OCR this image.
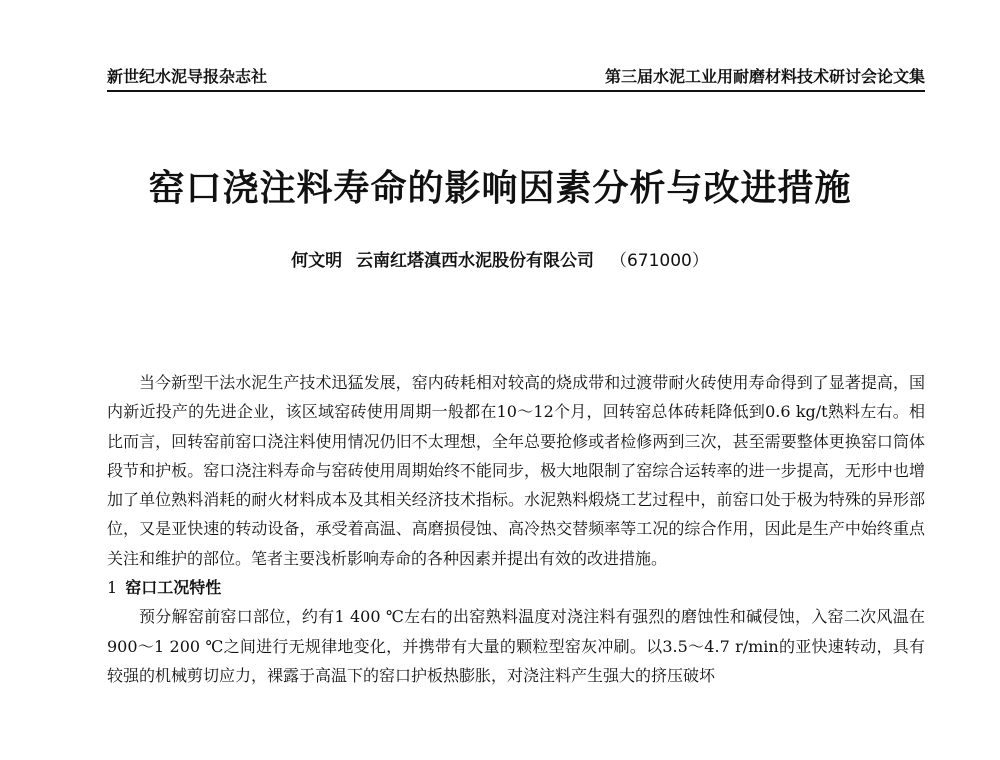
新世纪水泥导报杂志社	第三届水泥工业用耐磨材料技术研讨会论文集
窑口浇注料寿命的影响因素分析与改进措施
何文明 云南红塔滇西水泥股份有限公司 （671000）

当今新型干法水泥生产技术迅猛发展，窑内砖耗相对较高的烧成带和过渡带耐火砖使用寿命得到了显著提高，国内新近投产的先进企业，该区域窑砖使用周期一般都在10～12个月，回转窑总体砖耗降低到0.6 kg/t熟料左右。相比而言，回转窑前窑口浇注料使用情况仍旧不太理想，全年总要抢修或者检修两到三次，甚至需要整体更换窑口筒体段节和护板。窑口浇注料寿命与窑砖使用周期始终不能同步，极大地限制了窑综合运转率的进一步提高，无形中也增加了单位熟料消耗的耐火材料成本及其相关经济技术指标。水泥熟料煅烧工艺过程中，前窑口处于极为特殊的异形部位，又是亚快速的转动设备，承受着高温、高磨损侵蚀、高冷热交替频率等工况的综合作用，因此是生产中始终重点关注和维护的部位。笔者主要浅析影响寿命的各种因素并提出有效的改进措施。

1 窑口工况特性

预分解窑前窑口部位，约有1 400 ℃左右的出窑熟料温度对浇注料有强烈的磨蚀性和碱侵蚀，入窑二次风温在900～1 200 ℃之间进行无规律地变化，并携带有大量的颗粒型窑灰冲刷。以3.5～4.7 r/min的亚快速转动，具有较强的机械剪切应力，裸露于高温下的窑口护板热膨胀，对浇注料产生强大的挤压破坏
